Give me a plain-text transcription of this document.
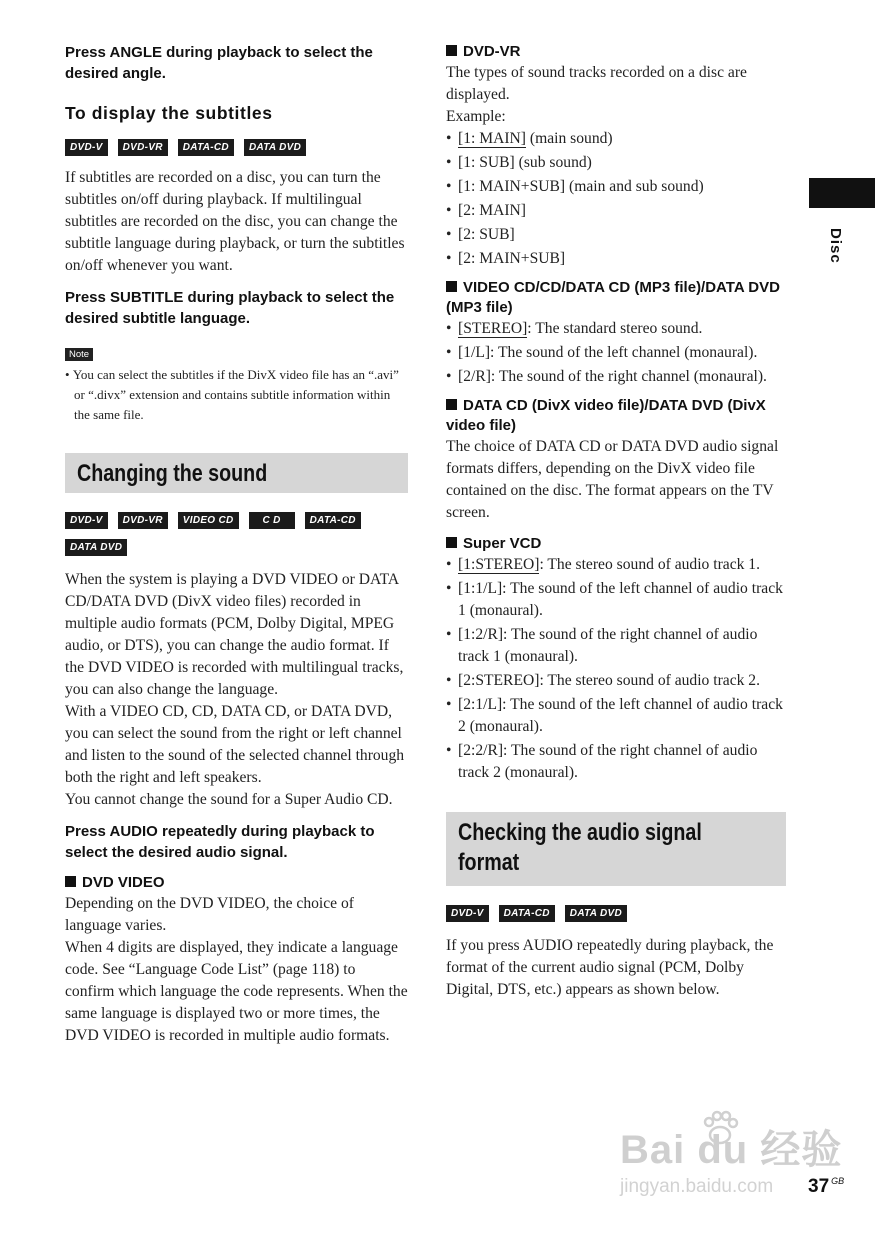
Press ANGLE during playback to select the desired angle.
To display the subtitles
DVD-V	DVD-VR	DATA-CD	DATA DVD

If subtitles are recorded on a disc, you can turn the subtitles on/off during playback. If multilingual subtitles are recorded on the disc, you can change the subtitle language during playback, or turn the subtitles on/off whenever you want.

Press SUBTITLE during playback to select the desired subtitle language.
Note

• You can select the subtitles if the DivX video file has an “.avi” or “.divx” extension and contains subtitle information within the same file.

Changing the sound
DVD-V	DVD-VR	VIDEO CD	C D	DATA-CD
DATA DVD

When the system is playing a DVD VIDEO or DATA CD/DATA DVD (DivX video files) recorded in multiple audio formats (PCM, Dolby Digital, MPEG audio, or DTS), you can change the audio format. If the DVD VIDEO is recorded with multilingual tracks, you can also change the language.

With a VIDEO CD, CD, DATA CD, or DATA DVD, you can select the sound from the right or left channel and listen to the sound of the selected channel through both the right and left speakers.

You cannot change the sound for a Super Audio CD.

Press AUDIO repeatedly during playback to select the desired audio signal.
DVD VIDEO

Depending on the DVD VIDEO, the choice of language varies.

When 4 digits are displayed, they indicate a language code. See “Language Code List” (page 118) to confirm which language the code represents. When the same language is displayed two or more times, the DVD VIDEO is recorded in multiple audio formats.

DVD-VR

The types of sound tracks recorded on a disc are displayed.

Example:

• [1: MAIN] (main sound)
• [1: SUB] (sub sound)
• [1: MAIN+SUB] (main and sub sound)
• [2: MAIN]
• [2: SUB]
• [2: MAIN+SUB]
VIDEO CD/CD/DATA CD (MP3 file)/DATA DVD (MP3 file)
• [STEREO]: The standard stereo sound.
• [1/L]: The sound of the left channel (monaural).
• [2/R]: The sound of the right channel (monaural).
DATA CD (DivX video file)/DATA DVD (DivX video file)

The choice of DATA CD or DATA DVD audio signal formats differs, depending on the DivX video file contained on the disc. The format appears on the TV screen.

Super VCD
• [1:STEREO]: The stereo sound of audio track 1.
• [1:1/L]: The sound of the left channel of audio track 1 (monaural).
• [1:2/R]: The sound of the right channel of audio track 1 (monaural).
• [2:STEREO]: The stereo sound of audio track 2.
• [2:1/L]: The sound of the left channel of audio track 2 (monaural).
• [2:2/R]: The sound of the right channel of audio track 2 (monaural).
Checking the audio signal
format
DVD-V	DATA-CD	DATA DVD

If you press AUDIO repeatedly during playback, the format of the current audio signal (PCM, Dolby Digital, DTS, etc.) appears as shown below.

Disc
Bai du 经验
jingyan.baidu.com 37 $^{GB}$
